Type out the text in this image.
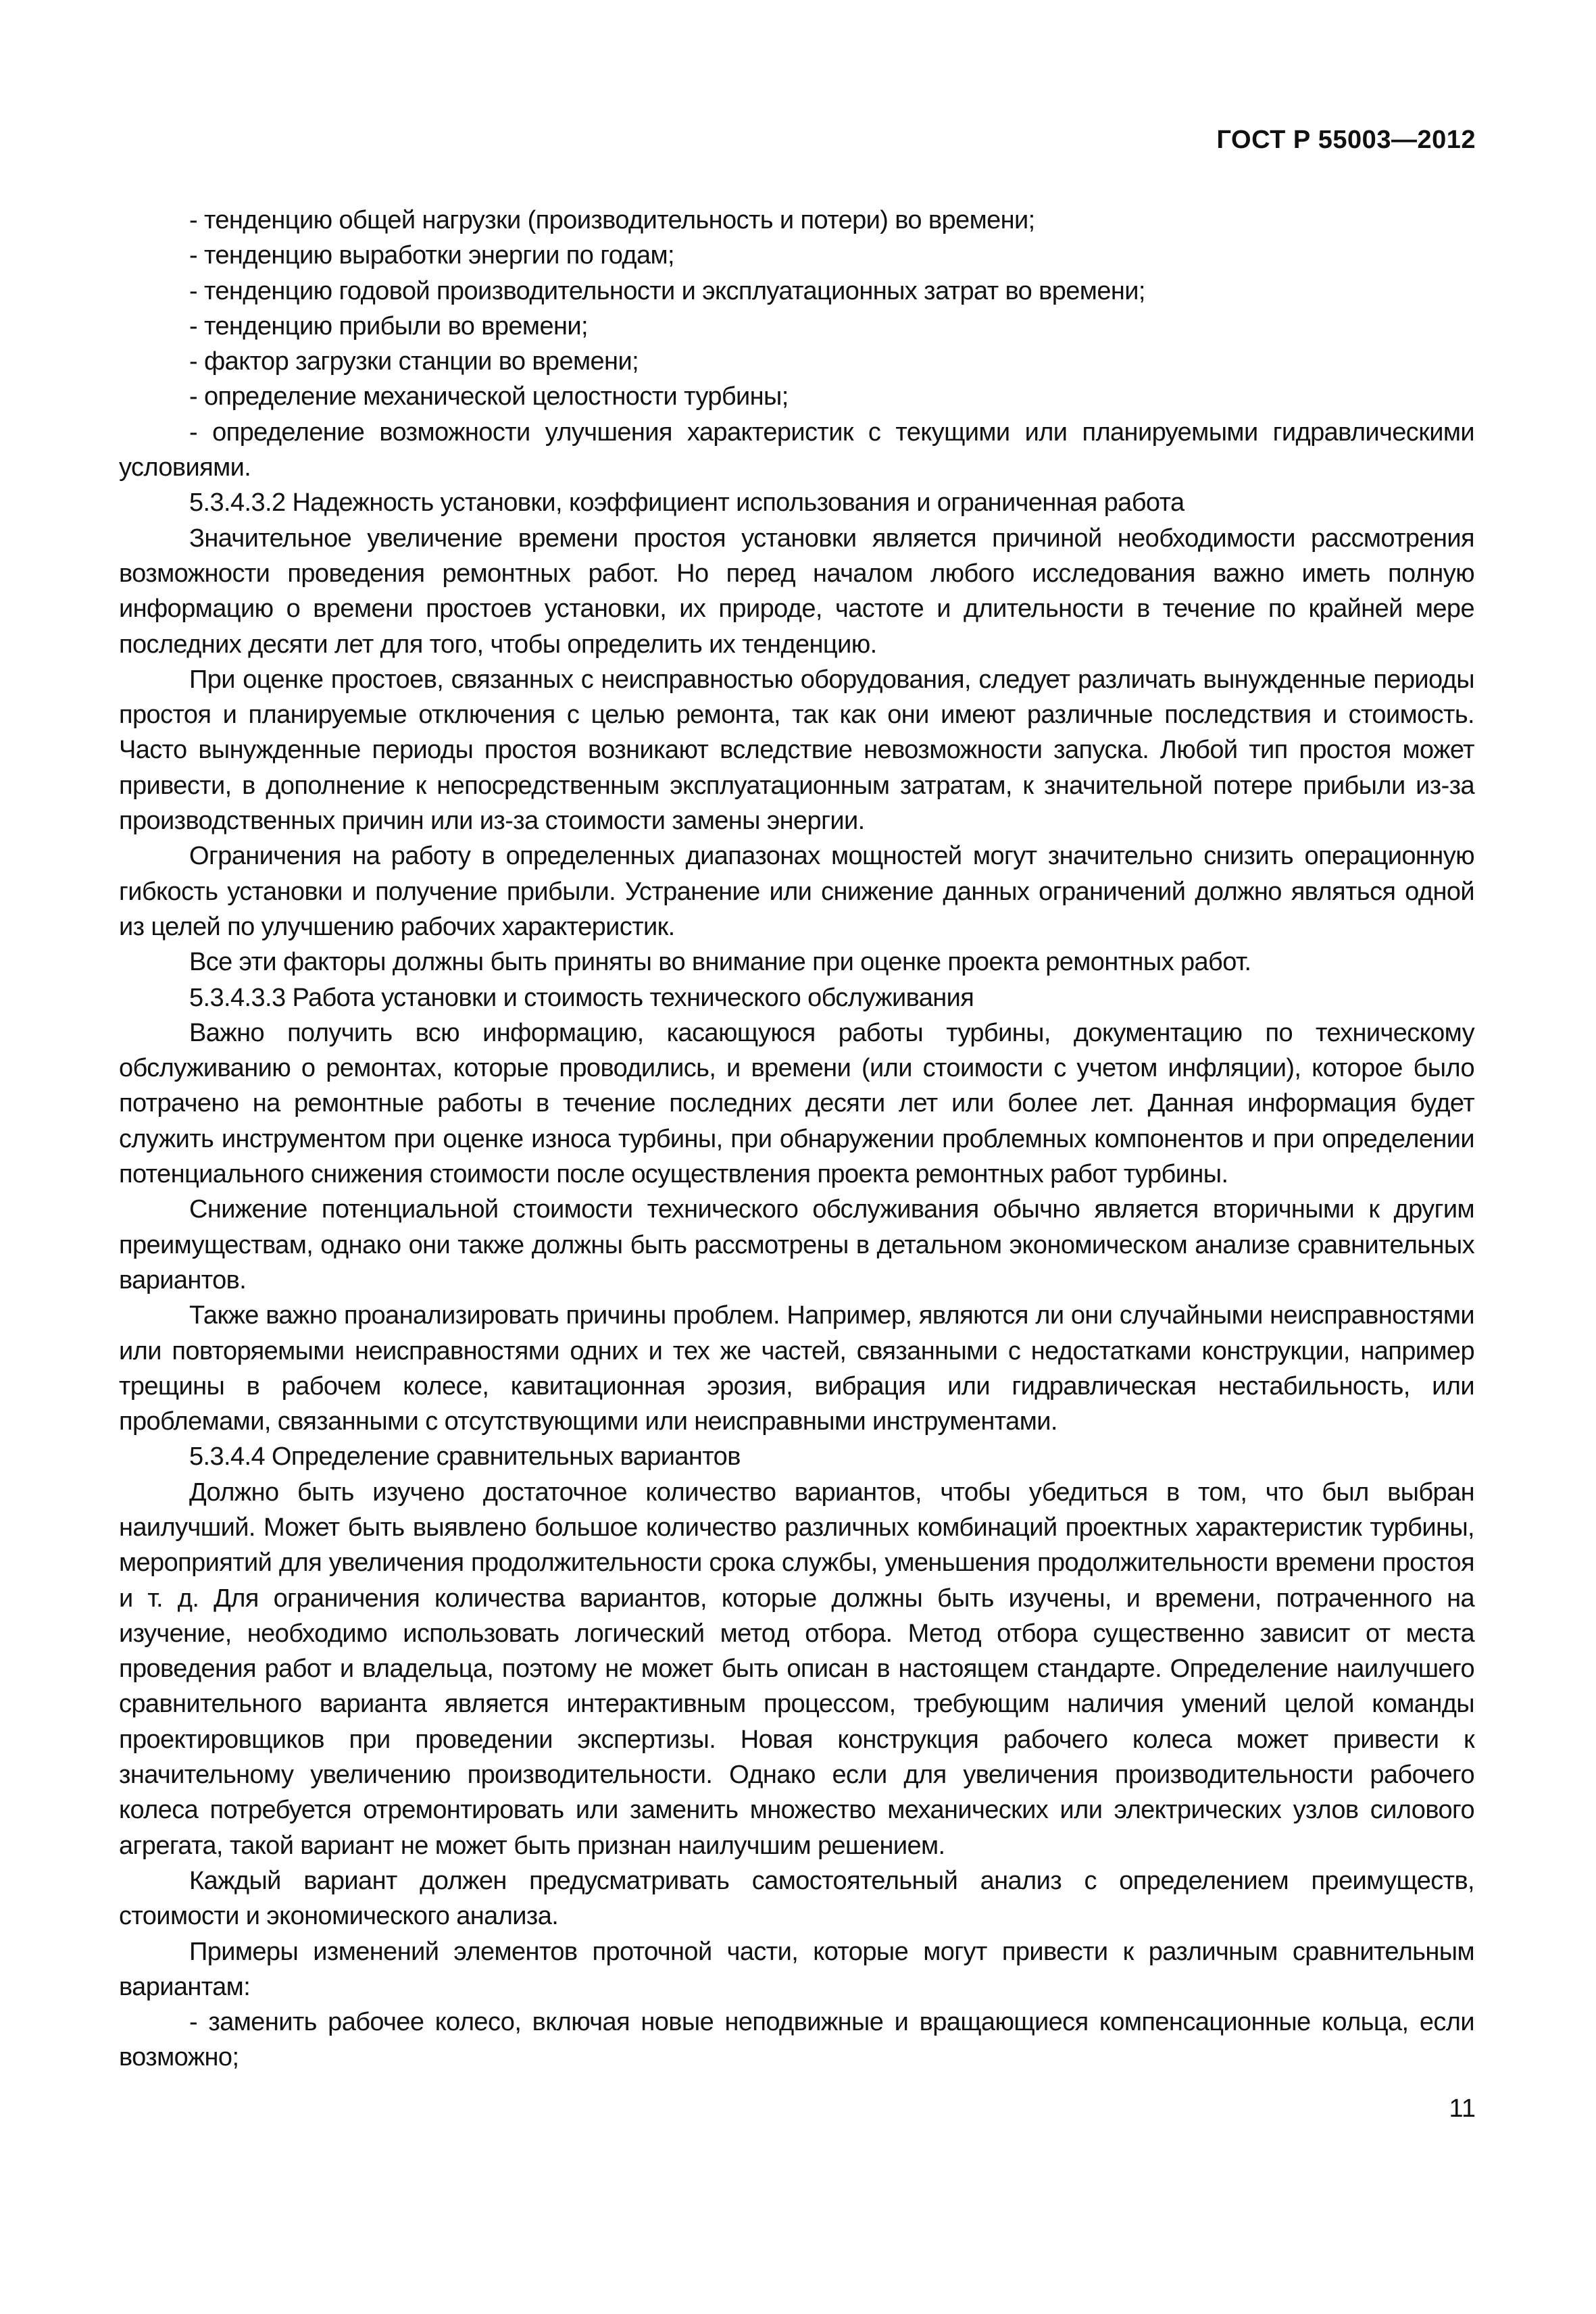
ГОСТ Р 55003—2012

- тенденцию общей нагрузки (производительность и потери) во времени;

- тенденцию выработки энергии по годам;

- тенденцию годовой производительности и эксплуатационных затрат во времени;

- тенденцию прибыли во времени;

- фактор загрузки станции во времени;

- определение механической целостности турбины;

- определение возможности улучшения характеристик с текущими или планируемыми гидравлическими условиями.

5.3.4.3.2 Надежность установки, коэффициент использования и ограниченная работа

Значительное увеличение времени простоя установки является причиной необходимости рассмотрения возможности проведения ремонтных работ. Но перед началом любого исследования важно иметь полную информацию о времени простоев установки, их природе, частоте и длительности в течение по крайней мере последних десяти лет для того, чтобы определить их тенденцию.

При оценке простоев, связанных с неисправностью оборудования, следует различать вынужденные периоды простоя и планируемые отключения с целью ремонта, так как они имеют различные последствия и стоимость. Часто вынужденные периоды простоя возникают вследствие невозможности запуска. Любой тип простоя может привести, в дополнение к непосредственным эксплуатационным затратам, к значительной потере прибыли из-за производственных причин или из-за стоимости замены энергии.

Ограничения на работу в определенных диапазонах мощностей могут значительно снизить операционную гибкость установки и получение прибыли. Устранение или снижение данных ограничений должно являться одной из целей по улучшению рабочих характеристик.

Все эти факторы должны быть приняты во внимание при оценке проекта ремонтных работ.

5.3.4.3.3 Работа установки и стоимость технического обслуживания

Важно получить всю информацию, касающуюся работы турбины, документацию по техническому обслуживанию о ремонтах, которые проводились, и времени (или стоимости с учетом инфляции), которое было потрачено на ремонтные работы в течение последних десяти лет или более лет. Данная информация будет служить инструментом при оценке износа турбины, при обнаружении проблемных компонентов и при определении потенциального снижения стоимости после осуществления проекта ремонтных работ турбины.

Снижение потенциальной стоимости технического обслуживания обычно является вторичными к другим преимуществам, однако они также должны быть рассмотрены в детальном экономическом анализе сравнительных вариантов.

Также важно проанализировать причины проблем. Например, являются ли они случайными неисправностями или повторяемыми неисправностями одних и тех же частей, связанными с недостатками конструкции, например трещины в рабочем колесе, кавитационная эрозия, вибрация или гидравлическая нестабильность, или проблемами, связанными с отсутствующими или неисправными инструментами.

5.3.4.4 Определение сравнительных вариантов

Должно быть изучено достаточное количество вариантов, чтобы убедиться в том, что был выбран наилучший. Может быть выявлено большое количество различных комбинаций проектных характеристик турбины, мероприятий для увеличения продолжительности срока службы, уменьшения продолжительности времени простоя и т. д. Для ограничения количества вариантов, которые должны быть изучены, и времени, потраченного на изучение, необходимо использовать логический метод отбора. Метод отбора существенно зависит от места проведения работ и владельца, поэтому не может быть описан в настоящем стандарте. Определение наилучшего сравнительного варианта является интерактивным процессом, требующим наличия умений целой команды проектировщиков при проведении экспертизы. Новая конструкция рабочего колеса может привести к значительному увеличению производительности. Однако если для увеличения производительности рабочего колеса потребуется отремонтировать или заменить множество механических или электрических узлов силового агрегата, такой вариант не может быть признан наилучшим решением.

Каждый вариант должен предусматривать самостоятельный анализ с определением преимуществ, стоимости и экономического анализа.

Примеры изменений элементов проточной части, которые могут привести к различным сравнительным вариантам:

- заменить рабочее колесо, включая новые неподвижные и вращающиеся компенсационные кольца, если возможно;

11
